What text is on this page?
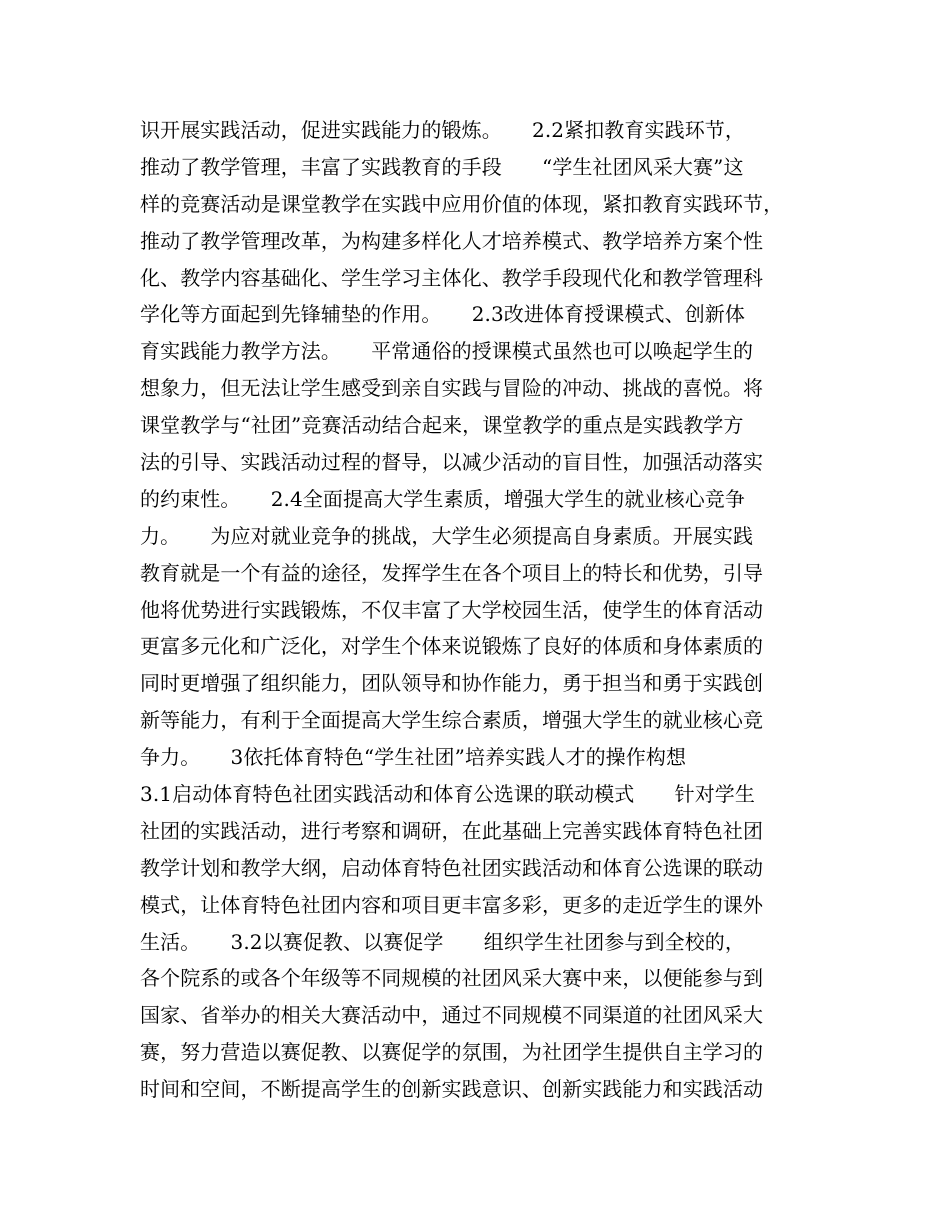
识开展实践活动，促进实践能力的锻炼。　　2.2紧扣教育实践环节，
推动了教学管理，丰富了实践教育的手段　　“学生社团风采大赛”这
样的竞赛活动是课堂教学在实践中应用价值的体现，紧扣教育实践环节，
推动了教学管理改革，为构建多样化人才培养模式、教学培养方案个性
化、教学内容基础化、学生学习主体化、教学手段现代化和教学管理科
学化等方面起到先锋辅垫的作用。　　2.3改进体育授课模式、创新体
育实践能力教学方法。　　平常通俗的授课模式虽然也可以唤起学生的
想象力，但无法让学生感受到亲自实践与冒险的冲动、挑战的喜悦。将
课堂教学与“社团”竞赛活动结合起来，课堂教学的重点是实践教学方
法的引导、实践活动过程的督导，以减少活动的盲目性，加强活动落实
的约束性。　　2.4全面提高大学生素质，增强大学生的就业核心竞争
力。　　为应对就业竞争的挑战，大学生必须提高自身素质。开展实践
教育就是一个有益的途径，发挥学生在各个项目上的特长和优势，引导
他将优势进行实践锻炼，不仅丰富了大学校园生活，使学生的体育活动
更富多元化和广泛化，对学生个体来说锻炼了良好的体质和身体素质的
同时更增强了组织能力，团队领导和协作能力，勇于担当和勇于实践创
新等能力，有利于全面提高大学生综合素质，增强大学生的就业核心竞
争力。　　3依托体育特色“学生社团”培养实践人才的操作构想
3.1启动体育特色社团实践活动和体育公选课的联动模式　　针对学生
社团的实践活动，进行考察和调研，在此基础上完善实践体育特色社团
教学计划和教学大纲，启动体育特色社团实践活动和体育公选课的联动
模式，让体育特色社团内容和项目更丰富多彩，更多的走近学生的课外
生活。　　3.2以赛促教、以赛促学　　组织学生社团参与到全校的，
各个院系的或各个年级等不同规模的社团风采大赛中来，以便能参与到
国家、省举办的相关大赛活动中，通过不同规模不同渠道的社团风采大
赛，努力营造以赛促教、以赛促学的氛围，为社团学生提供自主学习的
时间和空间，不断提高学生的创新实践意识、创新实践能力和实践活动
